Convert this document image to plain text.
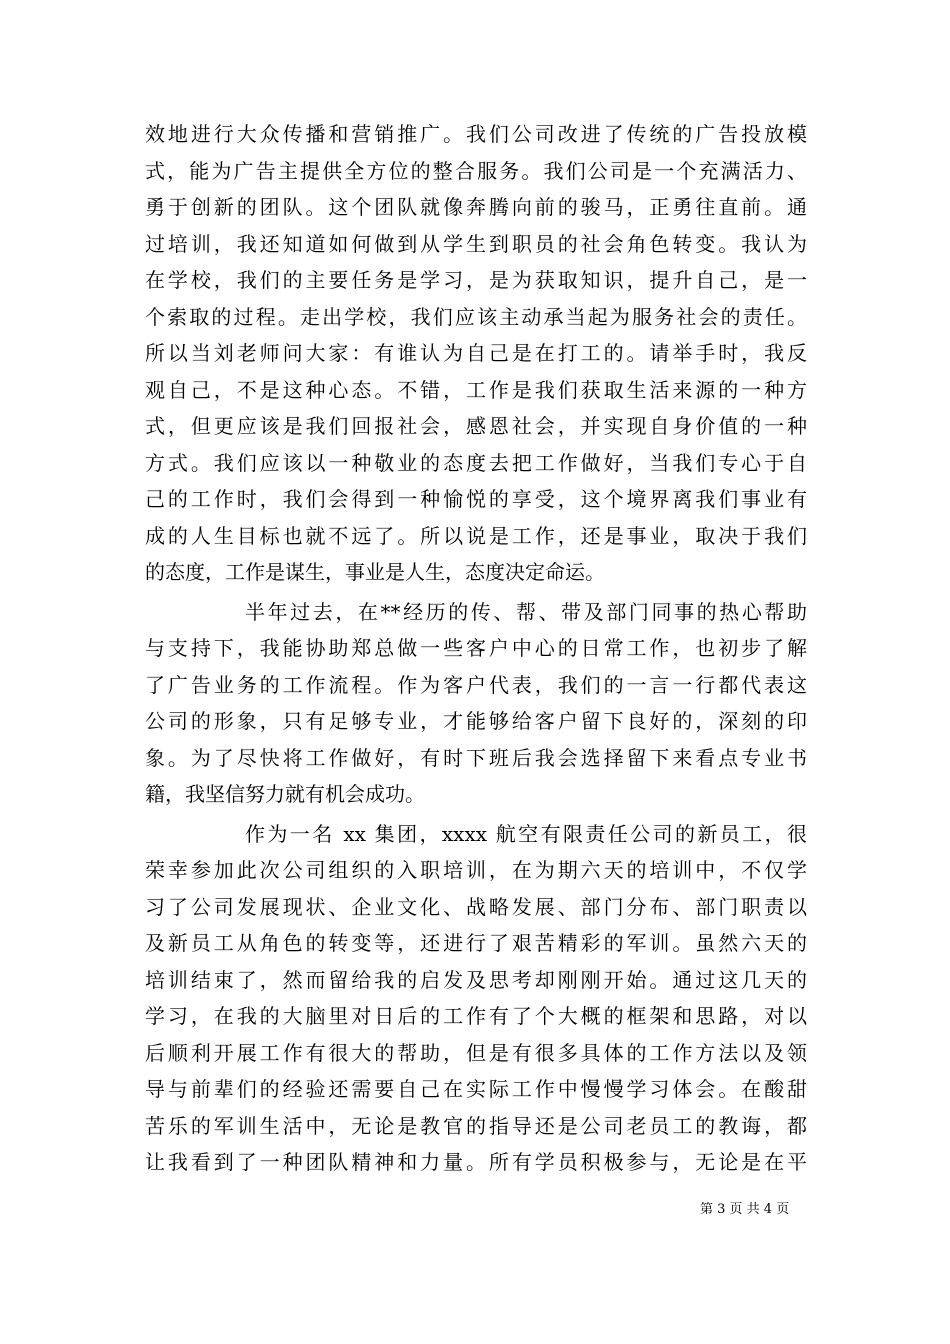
效地进行大众传播和营销推广。我们公司改进了传统的广告投放模
式，能为广告主提供全方位的整合服务。我们公司是一个充满活力、
勇于创新的团队。这个团队就像奔腾向前的骏马，正勇往直前。通
过培训，我还知道如何做到从学生到职员的社会角色转变。我认为
在学校，我们的主要任务是学习，是为获取知识，提升自己，是一
个索取的过程。走出学校，我们应该主动承当起为服务社会的责任。
所以当刘老师问大家：有谁认为自己是在打工的。请举手时，我反
观自己，不是这种心态。不错，工作是我们获取生活来源的一种方
式，但更应该是我们回报社会，感恩社会，并实现自身价值的一种
方式。我们应该以一种敬业的态度去把工作做好，当我们专心于自
己的工作时，我们会得到一种愉悦的享受，这个境界离我们事业有
成的人生目标也就不远了。所以说是工作，还是事业，取决于我们
的态度，工作是谋生，事业是人生，态度决定命运。
半年过去，在**经历的传、帮、带及部门同事的热心帮助
与支持下，我能协助郑总做一些客户中心的日常工作，也初步了解
了广告业务的工作流程。作为客户代表，我们的一言一行都代表这
公司的形象，只有足够专业，才能够给客户留下良好的，深刻的印
象。为了尽快将工作做好，有时下班后我会选择留下来看点专业书
籍，我坚信努力就有机会成功。
作为一名 xx 集团，xxxx 航空有限责任公司的新员工，很
荣幸参加此次公司组织的入职培训，在为期六天的培训中，不仅学
习了公司发展现状、企业文化、战略发展、部门分布、部门职责以
及新员工从角色的转变等，还进行了艰苦精彩的军训。虽然六天的
培训结束了，然而留给我的启发及思考却刚刚开始。通过这几天的
学习，在我的大脑里对日后的工作有了个大概的框架和思路，对以
后顺利开展工作有很大的帮助，但是有很多具体的工作方法以及领
导与前辈们的经验还需要自己在实际工作中慢慢学习体会。在酸甜
苦乐的军训生活中，无论是教官的指导还是公司老员工的教诲，都
让我看到了一种团队精神和力量。所有学员积极参与，无论是在平
第 3 页 共 4 页
